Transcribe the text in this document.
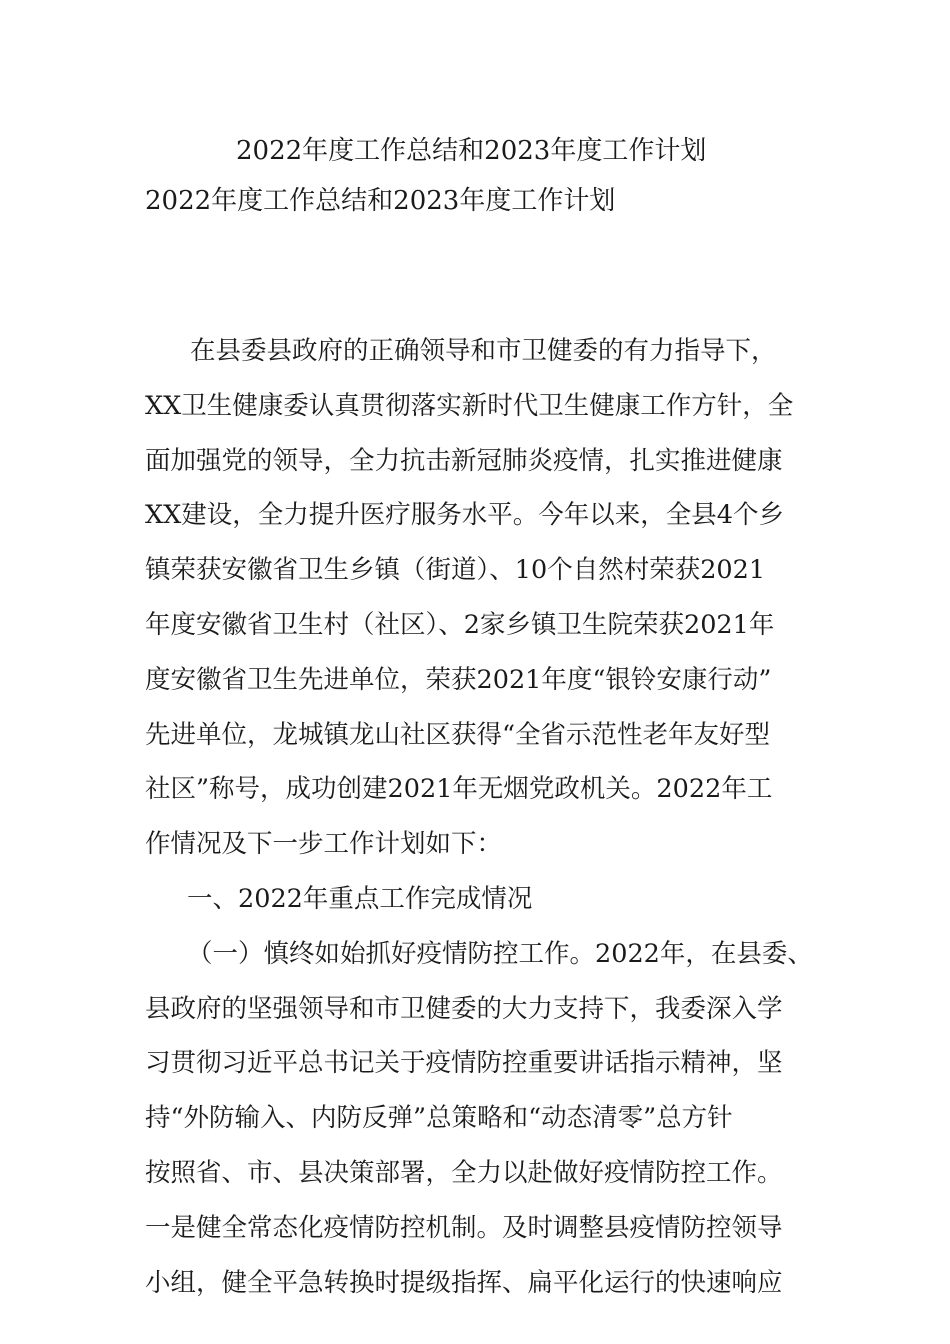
2022年度工作总结和2023年度工作计划
2022年度工作总结和2023年度工作计划
在县委县政府的正确领导和市卫健委的有力指导下，
XX卫生健康委认真贯彻落实新时代卫生健康工作方针，全
面加强党的领导，全力抗击新冠肺炎疫情，扎实推进健康
XX建设，全力提升医疗服务水平。今年以来，全县4个乡
镇荣获安徽省卫生乡镇（街道）、10个自然村荣获2021
年度安徽省卫生村（社区）、2家乡镇卫生院荣获2021年
度安徽省卫生先进单位，荣获2021年度“银铃安康行动”
先进单位，龙城镇龙山社区获得“全省示范性老年友好型
社区”称号，成功创建2021年无烟党政机关。2022年工
作情况及下一步工作计划如下：
一、2022年重点工作完成情况
（一）慎终如始抓好疫情防控工作。2022年，在县委、
县政府的坚强领导和市卫健委的大力支持下，我委深入学
习贯彻习近平总书记关于疫情防控重要讲话指示精神，坚
持“外防输入、内防反弹”总策略和“动态清零”总方针
按照省、市、县决策部署，全力以赴做好疫情防控工作。
一是健全常态化疫情防控机制。及时调整县疫情防控领导
小组，健全平急转换时提级指挥、扁平化运行的快速响应
